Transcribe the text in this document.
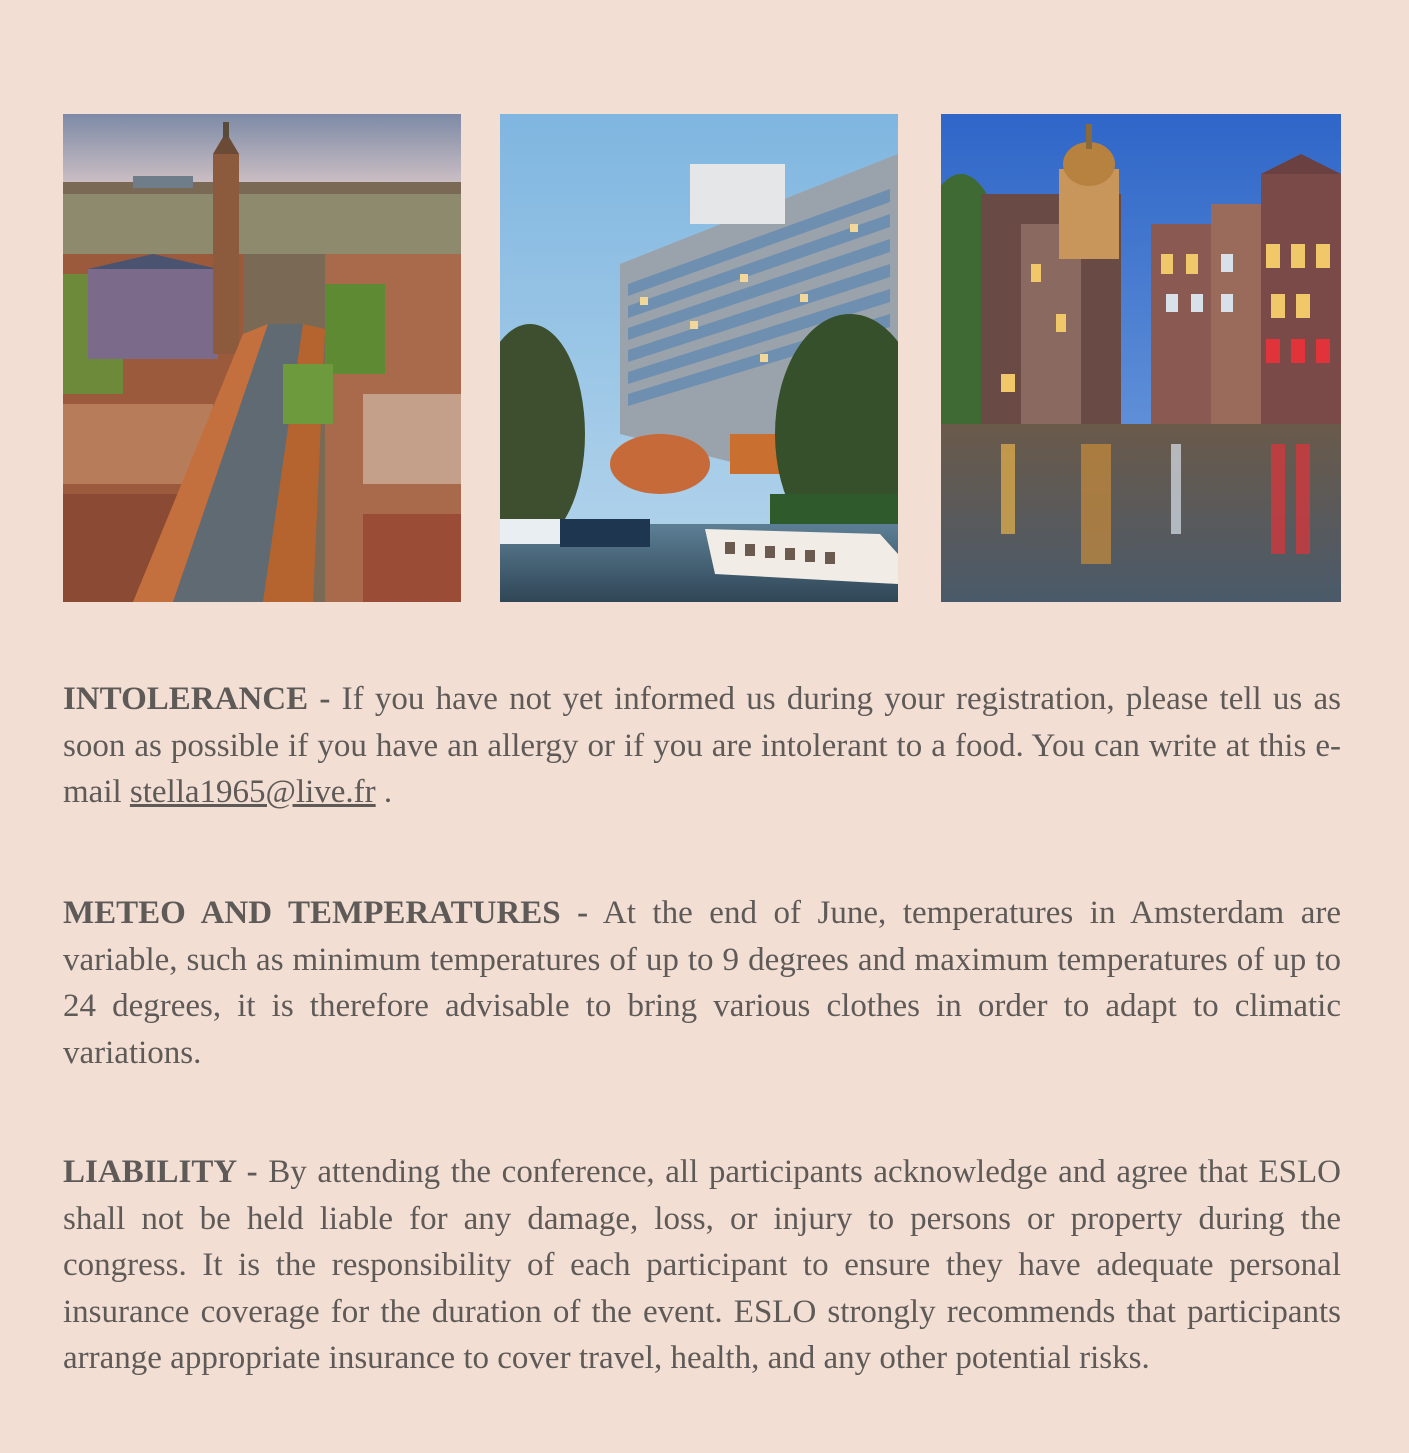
INTOLERANCE - If you have not yet informed us during your registration, please tell us as soon as possible if you have an allergy or if you are intolerant to a food. You can write at this e-mail stella1965@live.fr .

METEO AND TEMPERATURES - At the end of June, temperatures in Amsterdam are variable, such as minimum temperatures of up to 9 degrees and maximum temperatures of up to 24 degrees, it is therefore advisable to bring various clothes in order to adapt to climatic variations.

LIABILITY - By attending the conference, all participants acknowledge and agree that ESLO shall not be held liable for any damage, loss, or injury to persons or property during the congress. It is the responsibility of each participant to ensure they have adequate personal insurance coverage for the duration of the event. ESLO strongly recommends that participants arrange appropriate insurance to cover travel, health, and any other potential risks.
